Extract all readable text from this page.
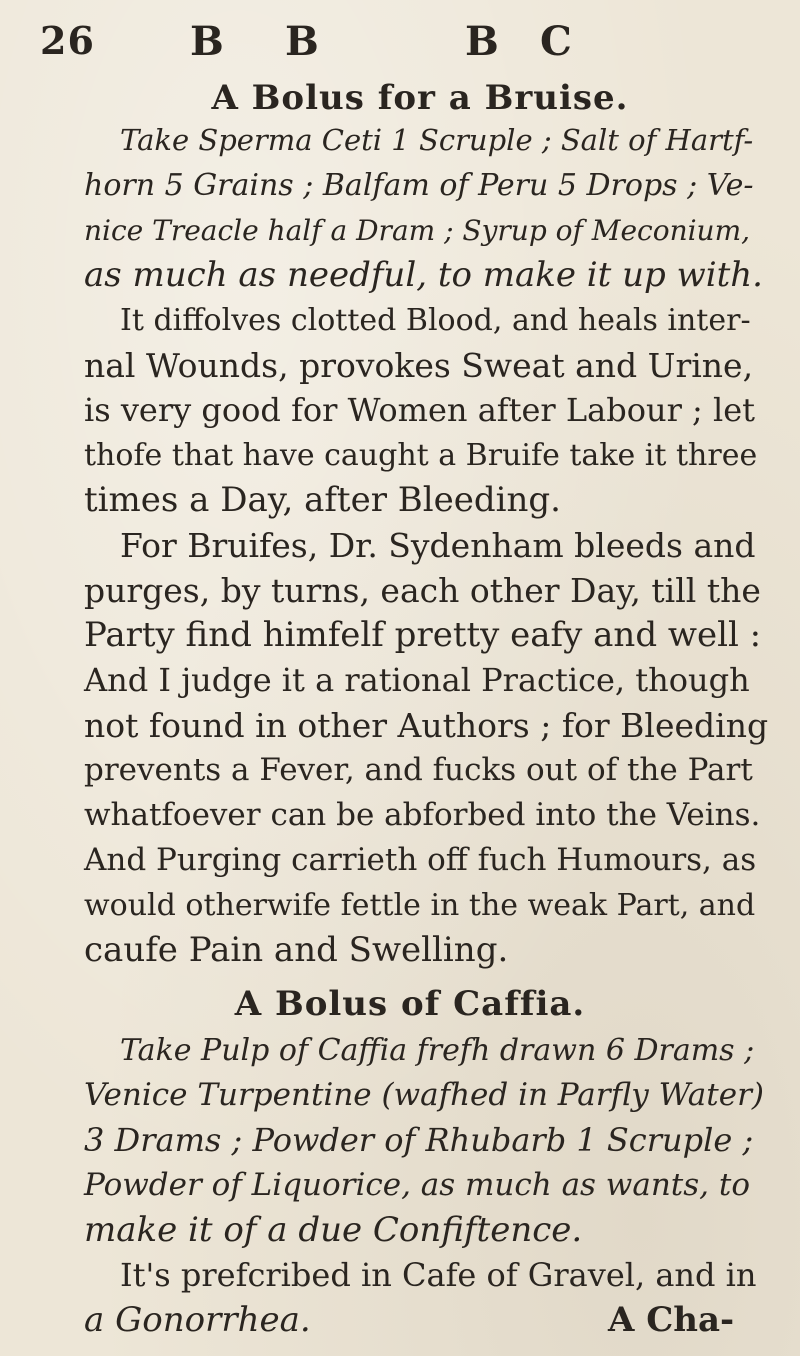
26 B B	B C
A Bolus for a Bruise.
Take Sperma Ceti 1 Scruple ; Salt of Hartf-
horn 5 Grains ; Balfam of Peru 5 Drops ; Ve-
nice Treacle half a Dram ; Syrup of Meconium,
as much as needful, to make it up with.
It diffolves clotted Blood, and heals inter-
nal Wounds, provokes Sweat and Urine,
is very good for Women after Labour ; let
thofe that have caught a Bruife take it three
times a Day, after Bleeding.
For Bruifes, Dr. Sydenham bleeds and
purges, by turns, each other Day, till the
Party find himfelf pretty eafy and well :
And I judge it a rational Practice, though
not found in other Authors ; for Bleeding
prevents a Fever, and fucks out of the Part
whatfoever can be abforbed into the Veins.
And Purging carrieth off fuch Humours, as
would otherwife fettle in the weak Part, and
caufe Pain and Swelling.
A Bolus of Caffia.
Take Pulp of Caffia frefh drawn 6 Drams ;
Venice Turpentine (wafhed in Parfly Water)
3 Drams ; Powder of Rhubarb 1 Scruple ;
Powder of Liquorice, as much as wants, to
make it of a due Confiftence.
It's prefcribed in Cafe of Gravel, and in
a Gonorrhea.	A Cha-
